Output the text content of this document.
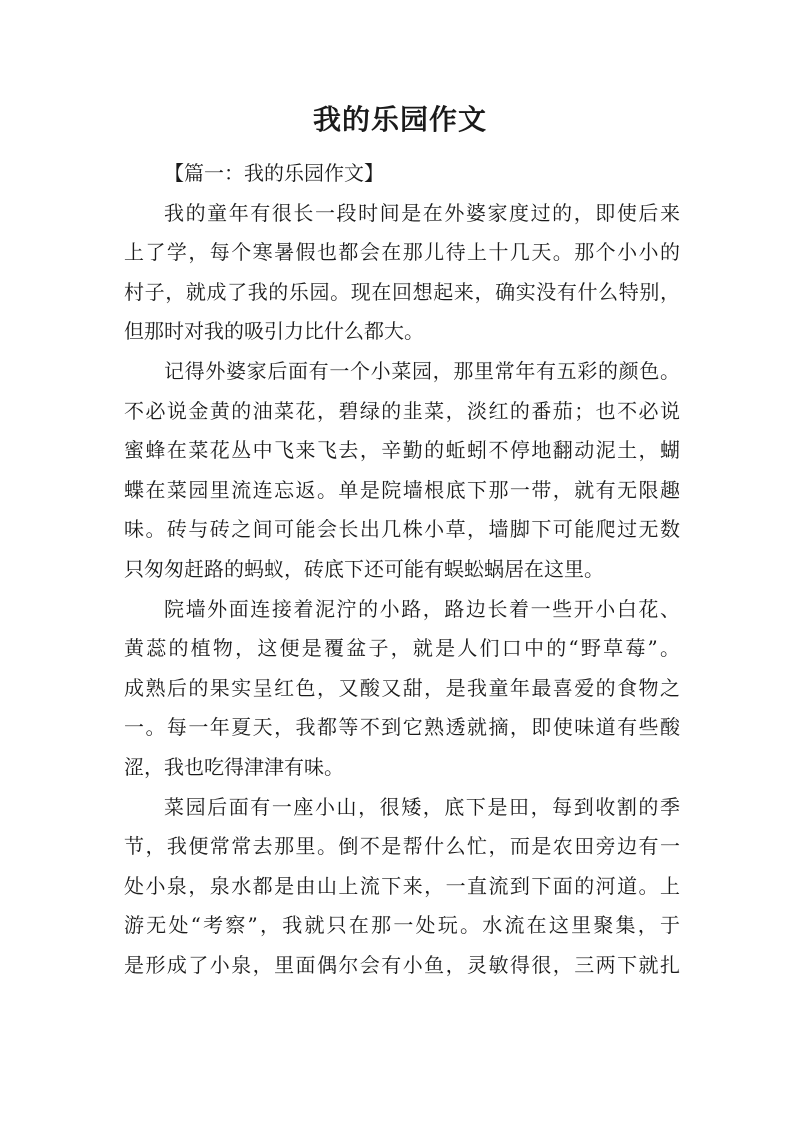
我的乐园作文
【篇一：我的乐园作文】
我的童年有很长一段时间是在外婆家度过的，即使后来
上了学，每个寒暑假也都会在那儿待上十几天。那个小小的
村子，就成了我的乐园。现在回想起来，确实没有什么特别，
但那时对我的吸引力比什么都大。
记得外婆家后面有一个小菜园，那里常年有五彩的颜色。
不必说金黄的油菜花，碧绿的韭菜，淡红的番茄；也不必说
蜜蜂在菜花丛中飞来飞去，辛勤的蚯蚓不停地翻动泥土，蝴
蝶在菜园里流连忘返。单是院墙根底下那一带，就有无限趣
味。砖与砖之间可能会长出几株小草，墙脚下可能爬过无数
只匆匆赶路的蚂蚁，砖底下还可能有蜈蚣蜗居在这里。
院墙外面连接着泥泞的小路，路边长着一些开小白花、
黄蕊的植物，这便是覆盆子，就是人们口中的“野草莓”。
成熟后的果实呈红色，又酸又甜，是我童年最喜爱的食物之
一。每一年夏天，我都等不到它熟透就摘，即使味道有些酸
涩，我也吃得津津有味。
菜园后面有一座小山，很矮，底下是田，每到收割的季
节，我便常常去那里。倒不是帮什么忙，而是农田旁边有一
处小泉，泉水都是由山上流下来，一直流到下面的河道。上
游无处“考察”，我就只在那一处玩。水流在这里聚集，于
是形成了小泉，里面偶尔会有小鱼，灵敏得很，三两下就扎
